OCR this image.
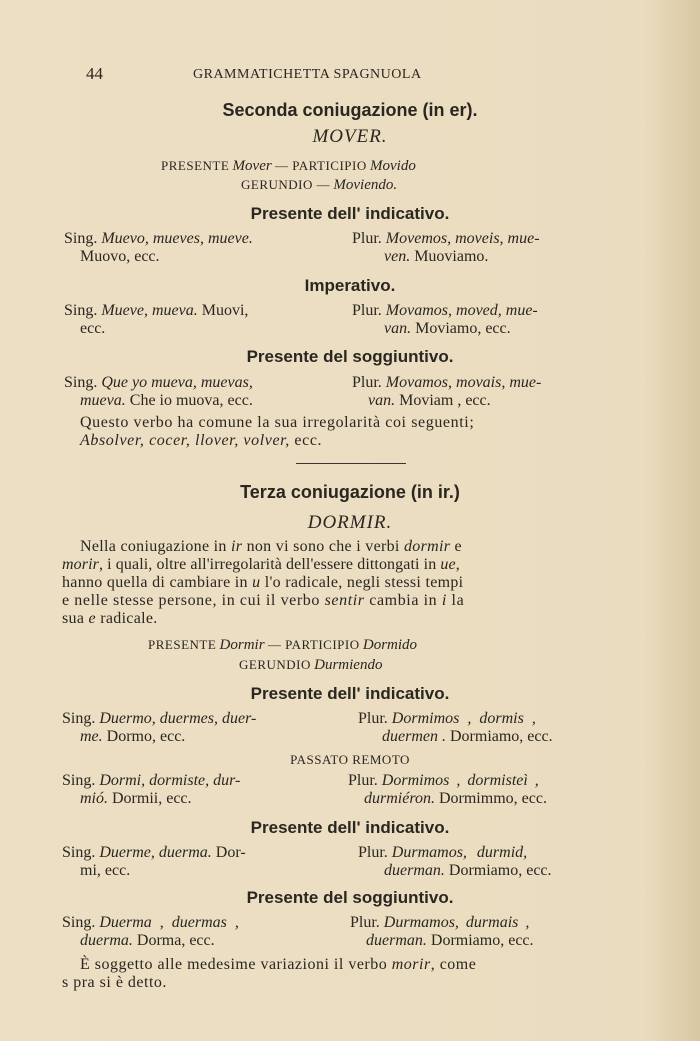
44	GRAMMATICHETTA SPAGNUOLA
Seconda coniugazione (in er).
MOVER.
PRESENTE Mover — PARTICIPIO Movido
GERUNDIO — Moviendo.
Presente dell' indicativo.
Sing. Muevo, mueves, mueve.
Muovo, ecc.
Plur. Movemos, moveis, mue-
ven. Muoviamo.
Imperativo.
Sing. Mueve, mueva. Muovi,
ecc.
Plur. Movamos, moved, mue-
van. Moviamo, ecc.
Presente del soggiuntivo.
Sing. Que yo mueva, muevas,
mueva. Che io muova, ecc.
Plur. Movamos, movais, mue-
van. Moviam , ecc.
Questo verbo ha comune la sua irregolarità coi seguenti;
Absolver, cocer, llover, volver, ecc.
Terza coniugazione (in ir.)
DORMIR.
Nella coniugazione in ir non vi sono che i verbi dormir e
morir, i quali, oltre all'irregolarità dell'essere dittongati in ue,
hanno quella di cambiare in u l'o radicale, negli stessi tempi
e nelle stesse persone, in cui il verbo sentir cambia in i la
sua e radicale.
PRESENTE Dormir — PARTICIPIO Dormido
GERUNDIO Durmiendo
Presente dell' indicativo.
Sing. Duermo, duermes, duer-
me. Dormo, ecc.
Plur. Dormimos , dormis ,
duermen . Dormiamo, ecc.
PASSATO REMOTO
Sing. Dormi, dormiste, dur-
mió. Dormii, ecc.
Plur. Dormimos , dormisteì ,
durmiéron. Dormimmo, ecc.
Presente dell' indicativo.
Sing. Duerme, duerma. Dor-
mi, ecc.
Plur. Durmamos, durmid,
duerman. Dormiamo, ecc.
Presente del soggiuntivo.
Sing. Duerma , duermas ,
duerma. Dorma, ecc.
Plur. Durmamos, durmais ,
duerman. Dormiamo, ecc.
È soggetto alle medesime variazioni il verbo morir, come
s pra si è detto.
